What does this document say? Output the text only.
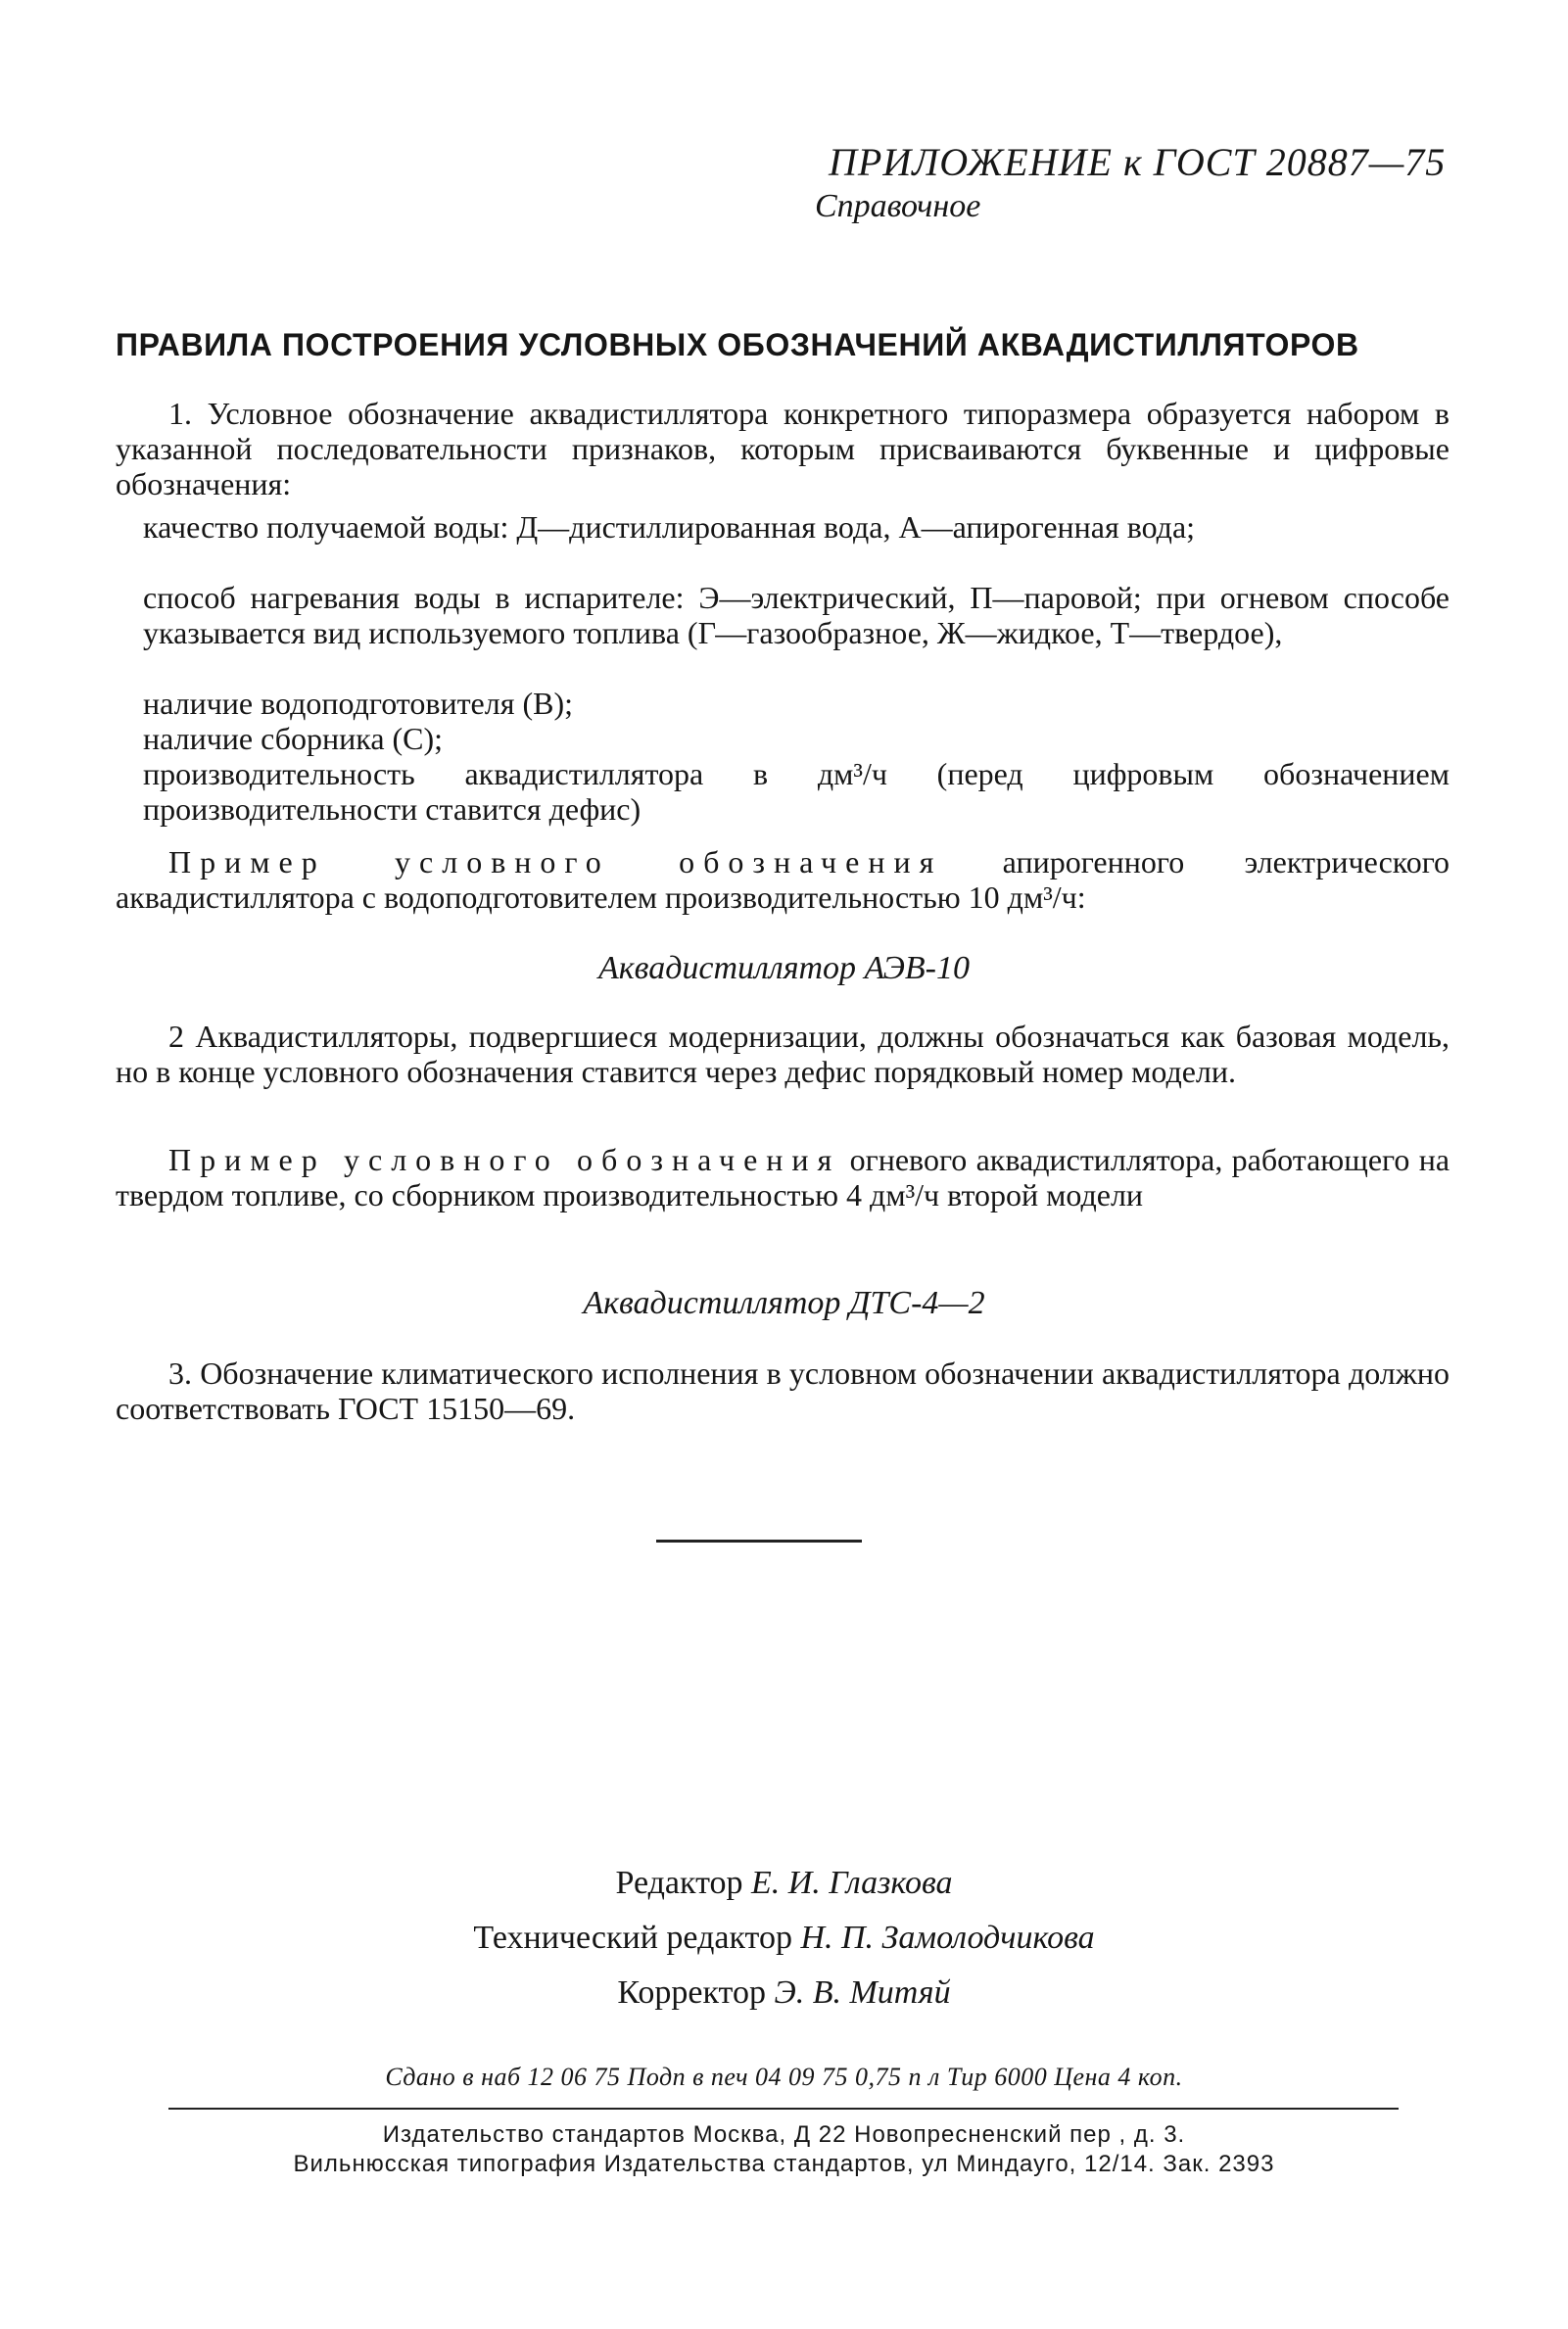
ПРИЛОЖЕНИЕ к ГОСТ 20887—75
Справочное
ПРАВИЛА ПОСТРОЕНИЯ УСЛОВНЫХ ОБОЗНАЧЕНИЙ АКВАДИСТИЛЛЯТОРОВ
1. Условное обозначение аквадистиллятора конкретного типоразмера образуется набором в указанной последовательности признаков, которым присваиваются буквенные и цифровые обозначения:
качество получаемой воды: Д—дистиллированная вода, А—апирогенная вода;
способ нагревания воды в испарителе: Э—электрический, П—паровой; при огневом способе указывается вид используемого топлива (Г—газообразное, Ж—жидкое, Т—твердое),
наличие водоподготовителя (В);
наличие сборника (С);
производительность аквадистиллятора в дм³/ч (перед цифровым обозначением производительности ставится дефис)
Пример условного обозначения апирогенного электрического аквадистиллятора с водоподготовителем производительностью 10 дм³/ч:
Аквадистиллятор АЭВ-10
2 Аквадистилляторы, подвергшиеся модернизации, должны обозначаться как базовая модель, но в конце условного обозначения ставится через дефис порядковый номер модели.
Пример условного обозначения огневого аквадистиллятора, работающего на твердом топливе, со сборником производительностью 4 дм³/ч второй модели
Аквадистиллятор ДТС-4—2
3. Обозначение климатического исполнения в условном обозначении аквадистиллятора должно соответствовать ГОСТ 15150—69.
Редактор Е. И. Глазкова
Технический редактор Н. П. Замолодчикова
Корректор Э. В. Митяй
Сдано в наб 12 06 75 Подп в печ 04 09 75 0,75 п л Тир 6000 Цена 4 коп.
Издательство стандартов Москва, Д 22 Новопресненский пер , д. 3.
Вильнюсская типография Издательства стандартов, ул Миндауго, 12/14. Зак. 2393
